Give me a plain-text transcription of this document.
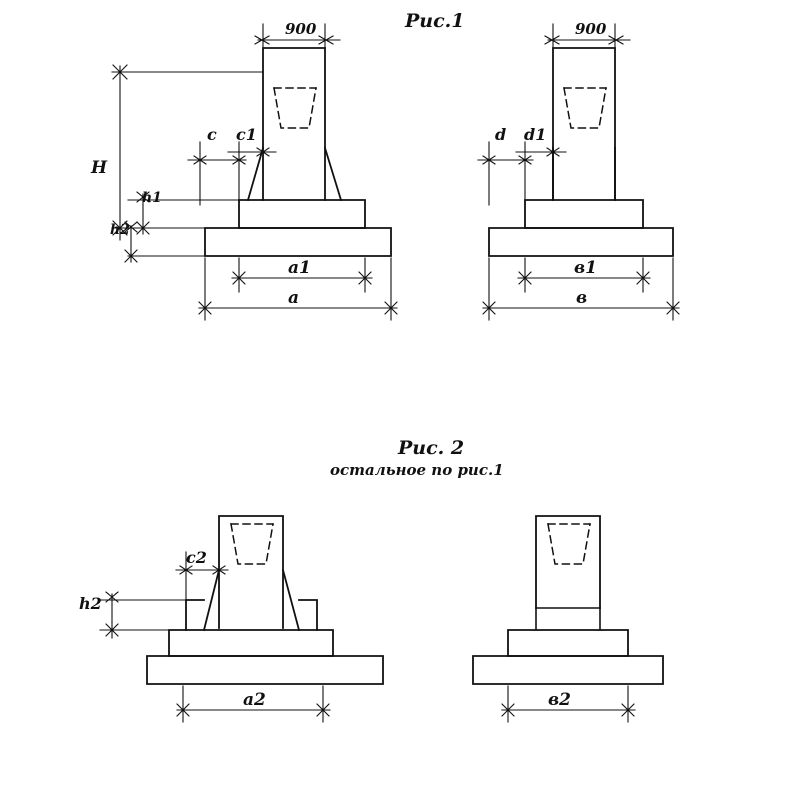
Рис.1
Рис. 2
остальное по рис.1
900
H
h1
h2
c c1
a1
a
900
d d1
в1
в
c2
h2
a2	в2
